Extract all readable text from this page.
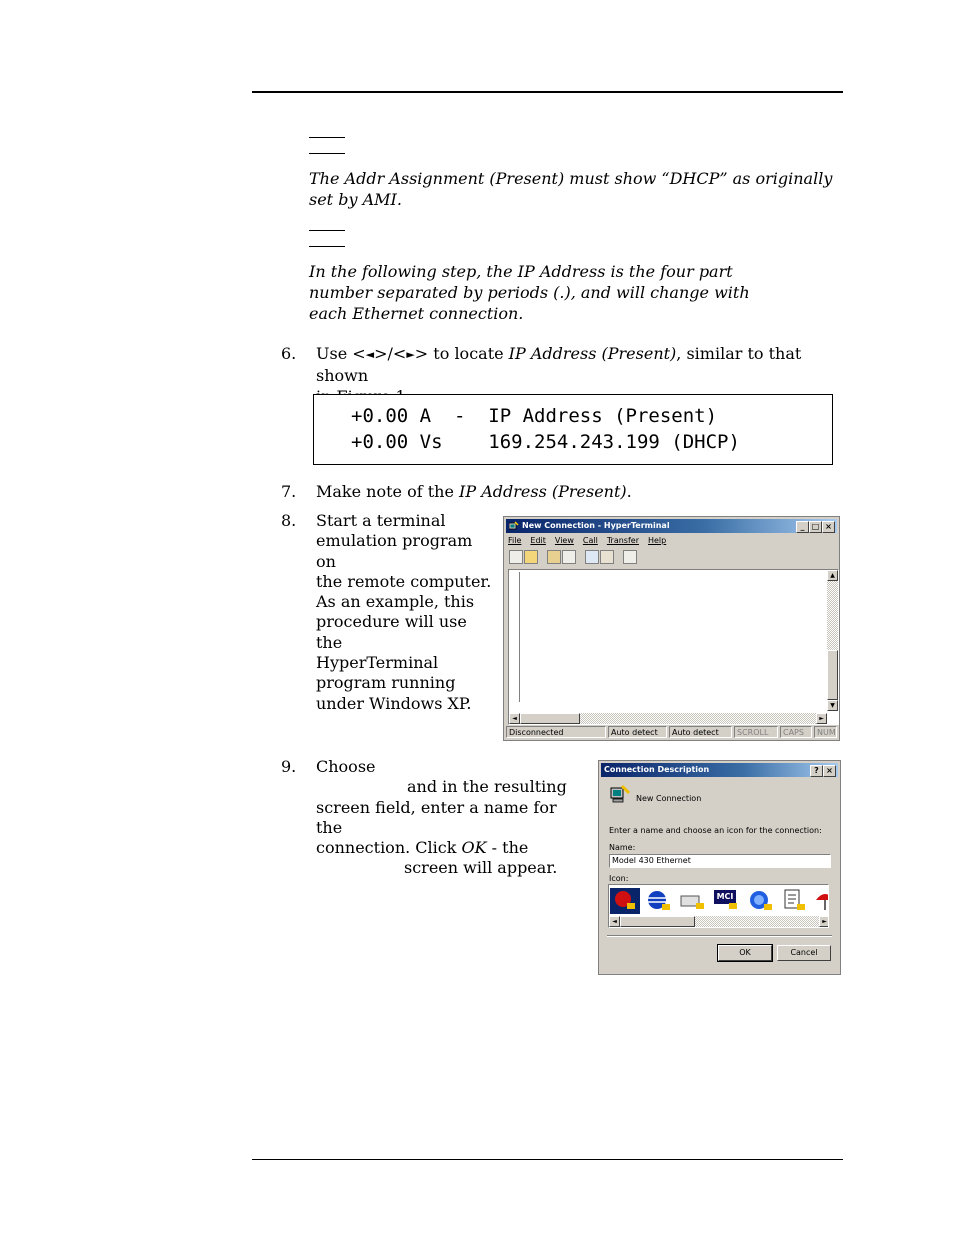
The Addr Assignment (Present) must show “DHCP” as originally set by AMI.
In the following step, the IP Address is the four part number separated by periods (.), and will change with each Ethernet connection.
6. Use <◄>/<►> to locate IP Address (Present), similar to that shown

+0.00 A  -  IP Address (Present)

+0.00 Vs    169.254.243.199 (DHCP)

7. Make note of the IP Address (Present).
8. Start a terminal
emulation program on
the remote computer.
As an example, this
procedure will use the
HyperTerminal
program running
under Windows XP.
New Connection - HyperTerminal	_ □ ×
File Edit View Call Transfer Help
▲
▼
◄	►
Disconnected	Auto detect	Auto detect	SCROLL	CAPS	NUM
9. Choose
and in the resulting
screen field, enter a name for the
connection. Click OK - the
screen will appear.
Connection Description	? ×
New Connection
Enter a name and choose an icon for the connection:
Name:
Model 430 Ethernet
Icon:
MCI
◄	►
OK	Cancel
